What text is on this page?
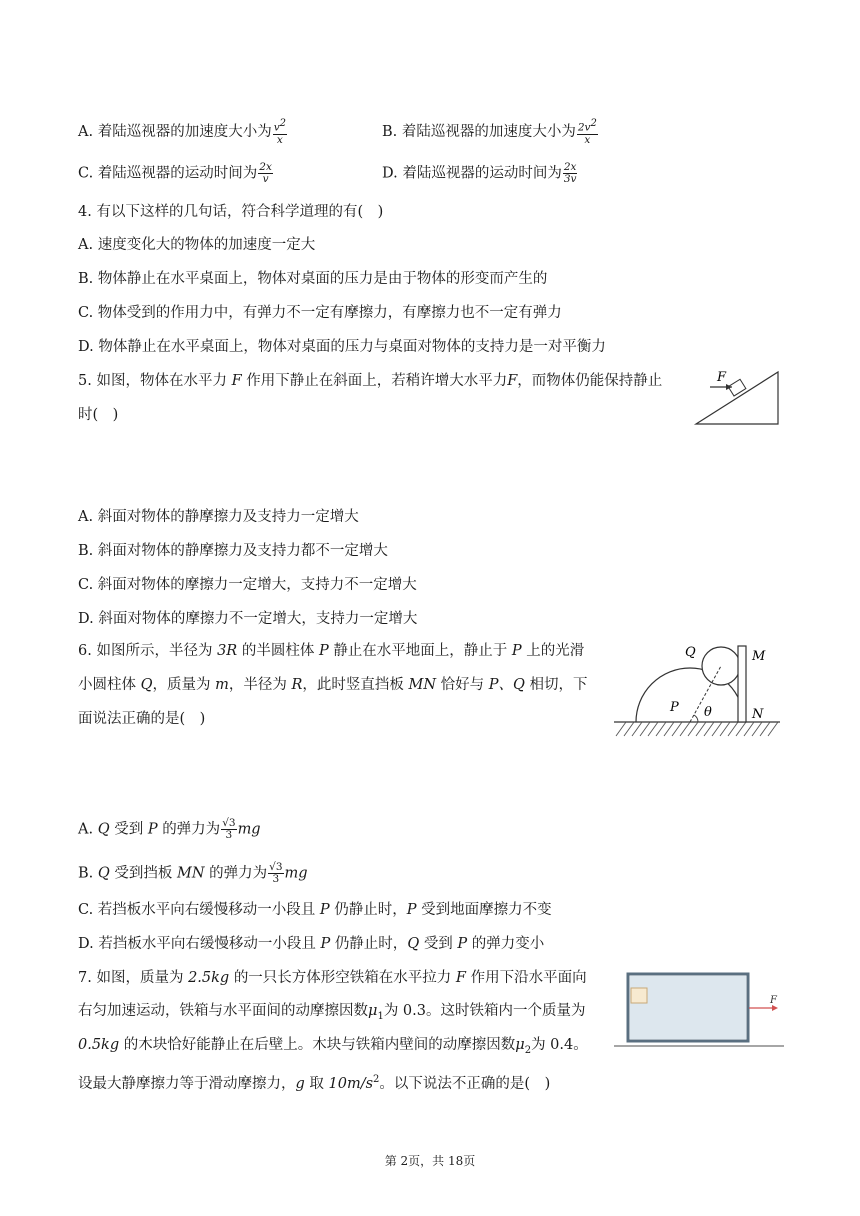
A. 着陆巡视器的加速度大小为 $\frac{v^2}{x}$	B. 着陆巡视器的加速度大小为 $\frac{2v^2}{x}$
C. 着陆巡视器的运动时间为 $\frac{2x}{v}$	D. 着陆巡视器的运动时间为 $\frac{2x}{3v}$
4. 有以下这样的几句话，符合科学道理的有(　)
A. 速度变化大的物体的加速度一定大
B. 物体静止在水平桌面上，物体对桌面的压力是由于物体的形变而产生的
C. 物体受到的作用力中，有弹力不一定有摩擦力，有摩擦力也不一定有弹力
D. 物体静止在水平桌面上，物体对桌面的压力与桌面对物体的支持力是一对平衡力
5. 如图，物体在水平力 F 作用下静止在斜面上，若稍许增大水平力F，而物体仍能保持静止
时(　)
F
A. 斜面对物体的静摩擦力及支持力一定增大
B. 斜面对物体的静摩擦力及支持力都不一定增大
C. 斜面对物体的摩擦力一定增大，支持力不一定增大
D. 斜面对物体的摩擦力不一定增大，支持力一定增大
6. 如图所示，半径为 3R 的半圆柱体 P 静止在水平地面上，静止于 P 上的光滑
小圆柱体 Q，质量为 m，半径为 R，此时竖直挡板 MN 恰好与 P、Q 相切，下
面说法正确的是(　)
Q	M
P θ	N
A. Q 受到 P 的弹力为 $\frac{√3}{3}$ mg
B. Q 受到挡板 MN 的弹力为 $\frac{√3}{3}$ mg
C. 若挡板水平向右缓慢移动一小段且 P 仍静止时，P 受到地面摩擦力不变
D. 若挡板水平向右缓慢移动一小段且 P 仍静止时，Q 受到 P 的弹力变小
7. 如图，质量为 2.5kg 的一只长方体形空铁箱在水平拉力 F 作用下沿水平面向
右匀加速运动，铁箱与水平面间的动摩擦因数$\mu_1$为 0.3。这时铁箱内一个质量为
0.5kg 的木块恰好能静止在后壁上。木块与铁箱内壁间的动摩擦因数$\mu_2$为 0.4。
设最大静摩擦力等于滑动摩擦力，g 取 $10m/s^2$。以下说法不正确的是(　)
F
第 2页，共 18页
